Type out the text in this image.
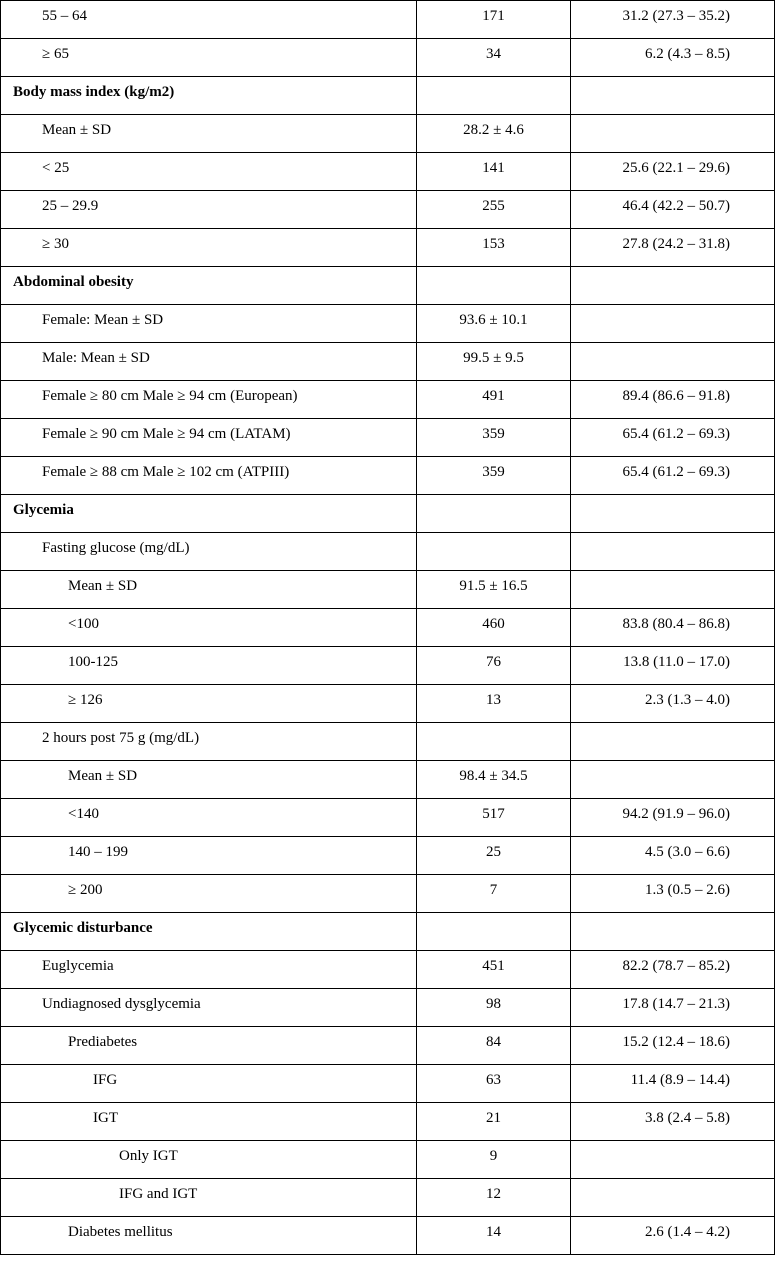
55 – 64	171	31.2 (27.3 – 35.2)
≥ 65	34	6.2 (4.3 – 8.5)
Body mass index (kg/m2)		
Mean ± SD	28.2 ± 4.6	
< 25	141	25.6 (22.1 – 29.6)
25 – 29.9	255	46.4 (42.2 – 50.7)
≥ 30	153	27.8 (24.2 – 31.8)
Abdominal obesity		
Female: Mean ± SD	93.6 ± 10.1	
Male: Mean ± SD	99.5 ± 9.5	
Female ≥ 80 cm Male ≥ 94 cm (European)	491	89.4 (86.6 – 91.8)
Female ≥ 90 cm Male ≥ 94 cm (LATAM)	359	65.4 (61.2 – 69.3)
Female ≥ 88 cm Male ≥ 102 cm (ATPIII)	359	65.4 (61.2 – 69.3)
Glycemia		
Fasting glucose (mg/dL)		
Mean ± SD	91.5 ± 16.5	
<100	460	83.8 (80.4 – 86.8)
100-125	76	13.8 (11.0 – 17.0)
≥ 126	13	2.3 (1.3 – 4.0)
2 hours post 75 g (mg/dL)		
Mean ± SD	98.4 ± 34.5	
<140	517	94.2 (91.9 – 96.0)
140 – 199	25	4.5 (3.0 – 6.6)
≥ 200	7	1.3 (0.5 – 2.6)
Glycemic disturbance		
Euglycemia	451	82.2 (78.7 – 85.2)
Undiagnosed dysglycemia	98	17.8 (14.7 – 21.3)
Prediabetes	84	15.2 (12.4 – 18.6)
IFG	63	11.4 (8.9 – 14.4)
IGT	21	3.8 (2.4 – 5.8)
Only IGT	9	
IFG and IGT	12	
Diabetes mellitus	14	2.6 (1.4 – 4.2)
